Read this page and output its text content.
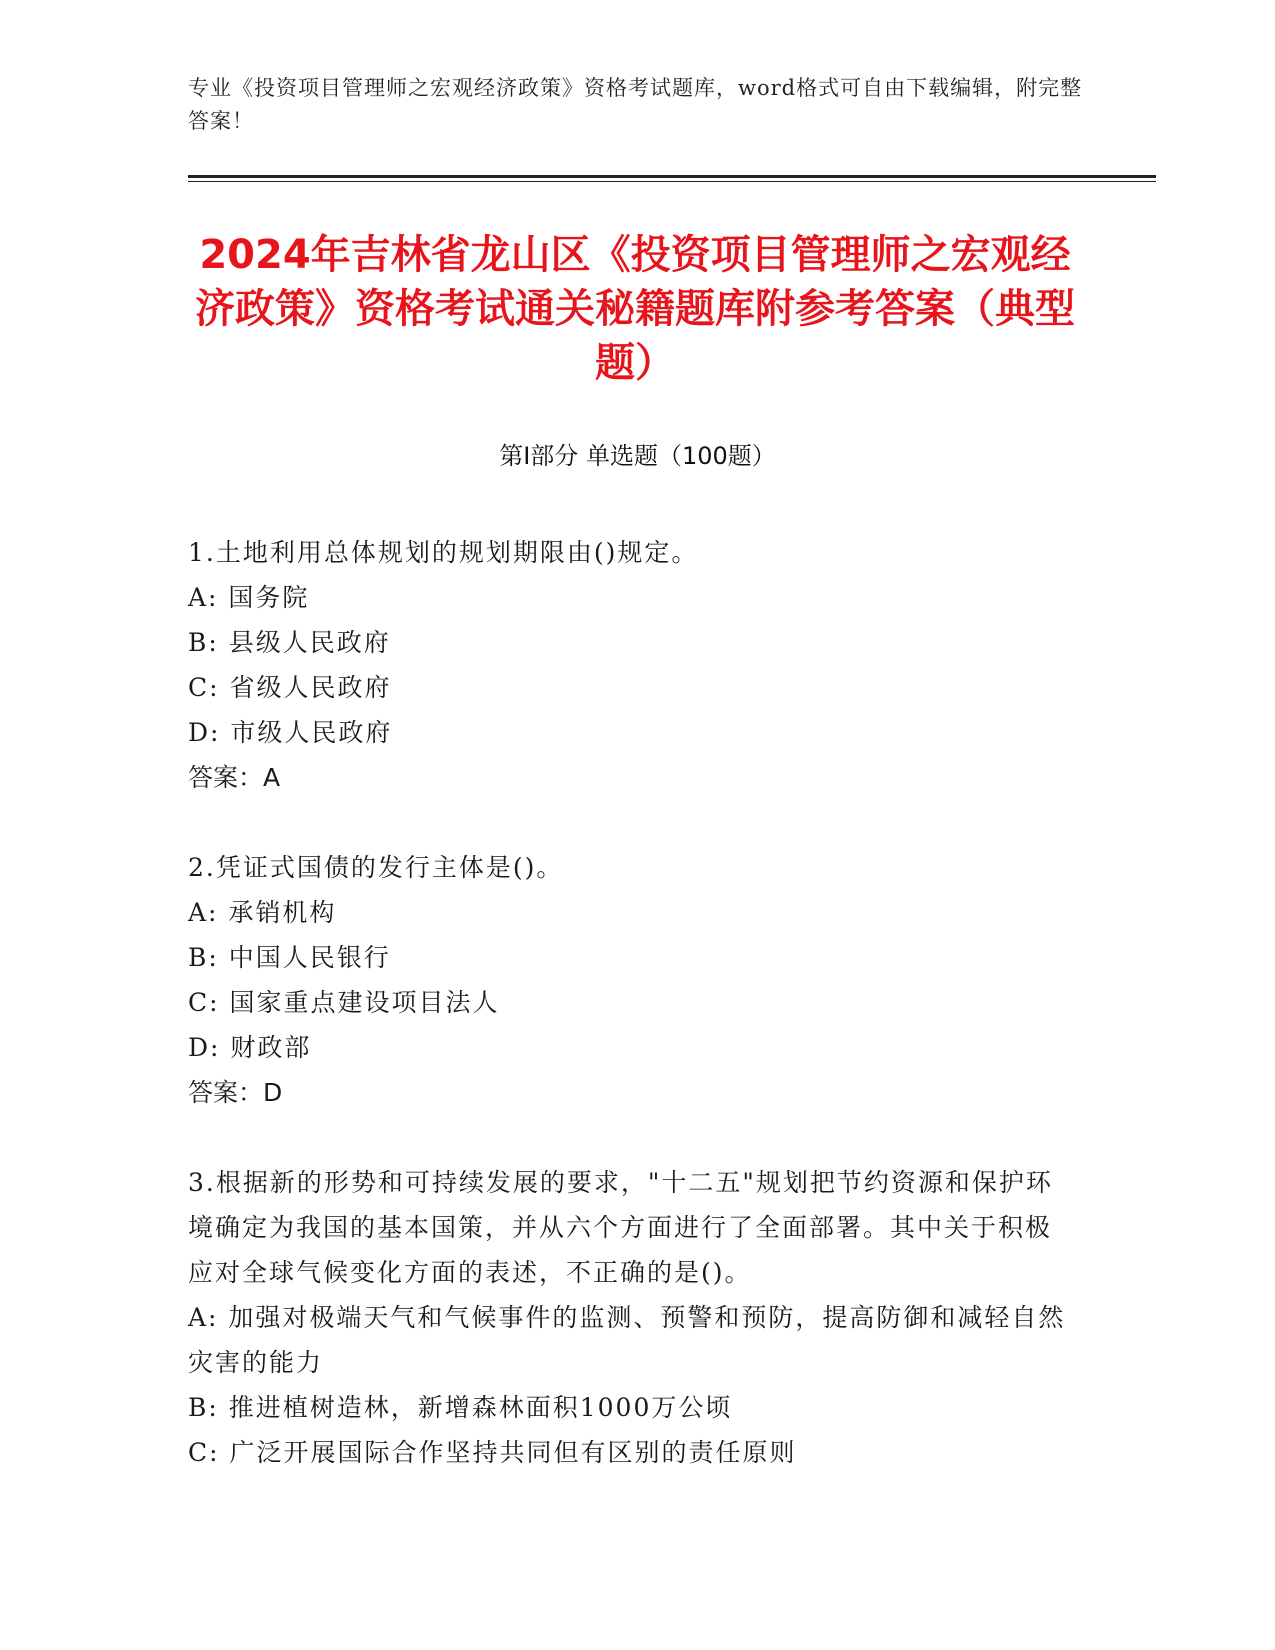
专业《投资项目管理师之宏观经济政策》资格考试题库，word格式可自由下载编辑，附完整答案！
2024年吉林省龙山区《投资项目管理师之宏观经济政策》资格考试通关秘籍题库附参考答案（典型题）
第Ⅰ部分 单选题（100题）
1.土地利用总体规划的规划期限由()规定。
A: 国务院
B: 县级人民政府
C: 省级人民政府
D: 市级人民政府
答案：A
2.凭证式国债的发行主体是()。
A: 承销机构
B: 中国人民银行
C: 国家重点建设项目法人
D: 财政部
答案：D
3.根据新的形势和可持续发展的要求，"十二五"规划把节约资源和保护环境确定为我国的基本国策，并从六个方面进行了全面部署。其中关于积极应对全球气候变化方面的表述，不正确的是()。
A: 加强对极端天气和气候事件的监测、预警和预防，提高防御和减轻自然灾害的能力
B: 推进植树造林，新增森林面积1000万公顷
C: 广泛开展国际合作坚持共同但有区别的责任原则
